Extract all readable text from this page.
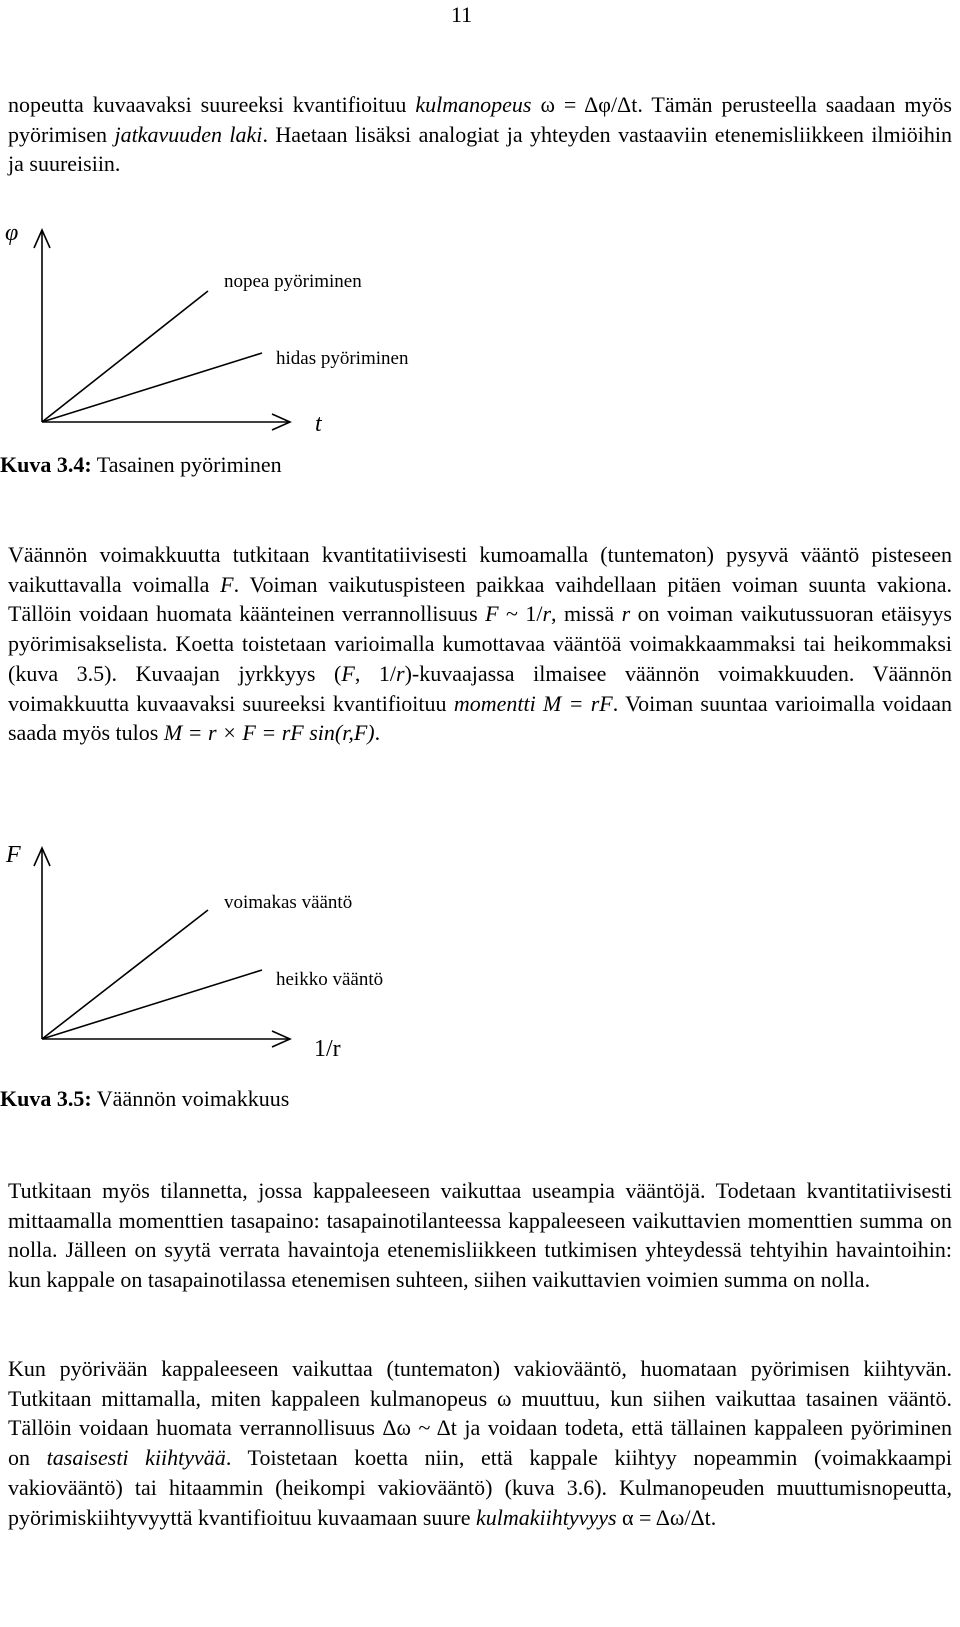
11

nopeutta kuvaavaksi suureeksi kvantifioituu kulmanopeus ω = Δφ/Δt. Tämän perusteella saadaan myös pyörimisen jatkavuuden laki. Haetaan lisäksi analogiat ja yhteyden vastaaviin etenemisliikkeen ilmiöihin ja suureisiin.

φ
t
nopea pyöriminen
hidas pyöriminen
Kuva 3.4: Tasainen pyöriminen

Väännön voimakkuutta tutkitaan kvantitatiivisesti kumoamalla (tuntematon) pysyvä vääntö pisteseen vaikuttavalla voimalla F. Voiman vaikutuspisteen paikkaa vaihdellaan pitäen voiman suunta vakiona. Tällöin voidaan huomata käänteinen verrannollisuus F ~ 1/r, missä r on voiman vaikutussuoran etäisyys pyörimisakselista. Koetta toistetaan varioimalla kumottavaa vääntöä voimakkaammaksi tai heikommaksi (kuva 3.5). Kuvaajan jyrkkyys (F, 1/r)-kuvaajassa ilmaisee väännön voimakkuuden. Väännön voimakkuutta kuvaavaksi suureeksi kvantifioituu momentti M = rF. Voiman suuntaa varioimalla voidaan saada myös tulos M = r × F = rF sin(r,F).

F
1/r
voimakas vääntö
heikko vääntö
Kuva 3.5: Väännön voimakkuus

Tutkitaan myös tilannetta, jossa kappaleeseen vaikuttaa useampia vääntöjä. Todetaan kvantitatiivisesti mittaamalla momenttien tasapaino: tasapainotilanteessa kappaleeseen vaikuttavien momenttien summa on nolla. Jälleen on syytä verrata havaintoja etenemisliikkeen tutkimisen yhteydessä tehtyihin havaintoihin: kun kappale on tasapainotilassa etenemisen suhteen, siihen vaikuttavien voimien summa on nolla.

Kun pyörivään kappaleeseen vaikuttaa (tuntematon) vakiovääntö, huomataan pyörimisen kiihtyvän. Tutkitaan mittamalla, miten kappaleen kulmanopeus ω muuttuu, kun siihen vaikuttaa tasainen vääntö. Tällöin voidaan huomata verrannollisuus Δω ~ Δt ja voidaan todeta, että tällainen kappaleen pyöriminen on tasaisesti kiihtyvää. Toistetaan koetta niin, että kappale kiihtyy nopeammin (voimakkaampi vakiovääntö) tai hitaammin (heikompi vakiovääntö) (kuva 3.6). Kulmanopeuden muuttumisnopeutta, pyörimiskiihtyvyyttä kvantifioituu kuvaamaan suure kulmakiihtyvyys α = Δω/Δt.
